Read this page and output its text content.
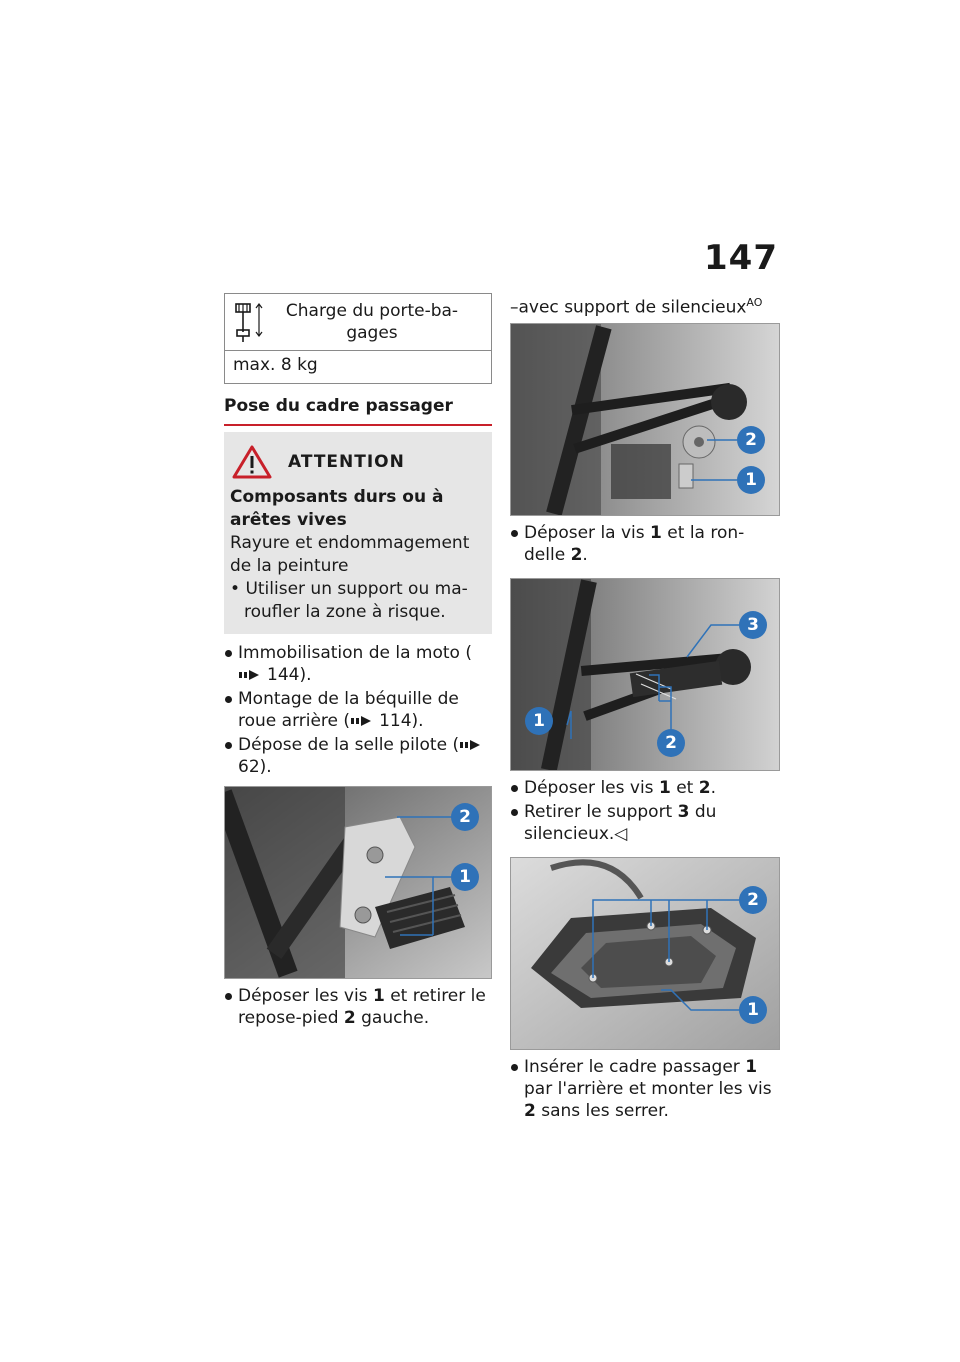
147
Charge du porte-ba-gages
max. 8 kg
Pose du cadre passager
ATTENTION
Composants durs ou à arêtes vives
Rayure et endommagement de la peinture
• Utiliser un support ou ma-roufler la zone à risque.
Immobilisation de la moto (144).
Montage de la béquille de roue arrière ( 114).
Dépose de la selle pilote (62).
2
1
Déposer les vis 1 et retirer le repose-pied 2 gauche.
–avec support de silencieux$^{AO}$
2
1
Déposer la vis 1 et la ron-delle 2.
3
1
2
Déposer les vis 1 et 2.
Retirer le support 3 du silencieux.◁
2
1
Insérer le cadre passager 1 par l'arrière et monter les vis 2 sans les serrer.
